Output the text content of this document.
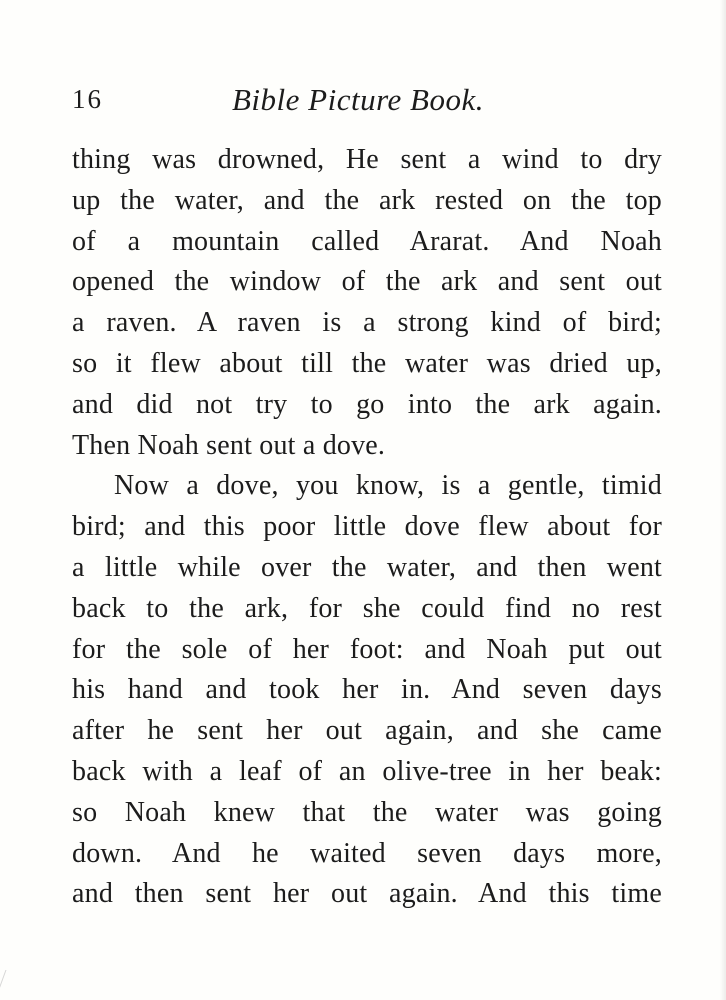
16	Bible Picture Book.
thing was drowned, He sent a wind to dry
up the water, and the ark rested on the top
of a mountain called Ararat. And Noah
opened the window of the ark and sent out
a raven. A raven is a strong kind of bird;
so it flew about till the water was dried up,
and did not try to go into the ark again.
Then Noah sent out a dove.
Now a dove, you know, is a gentle, timid
bird; and this poor little dove flew about for
a little while over the water, and then went
back to the ark, for she could find no rest
for the sole of her foot: and Noah put out
his hand and took her in. And seven days
after he sent her out again, and she came
back with a leaf of an olive-tree in her beak:
so Noah knew that the water was going
down. And he waited seven days more,
and then sent her out again. And this time
